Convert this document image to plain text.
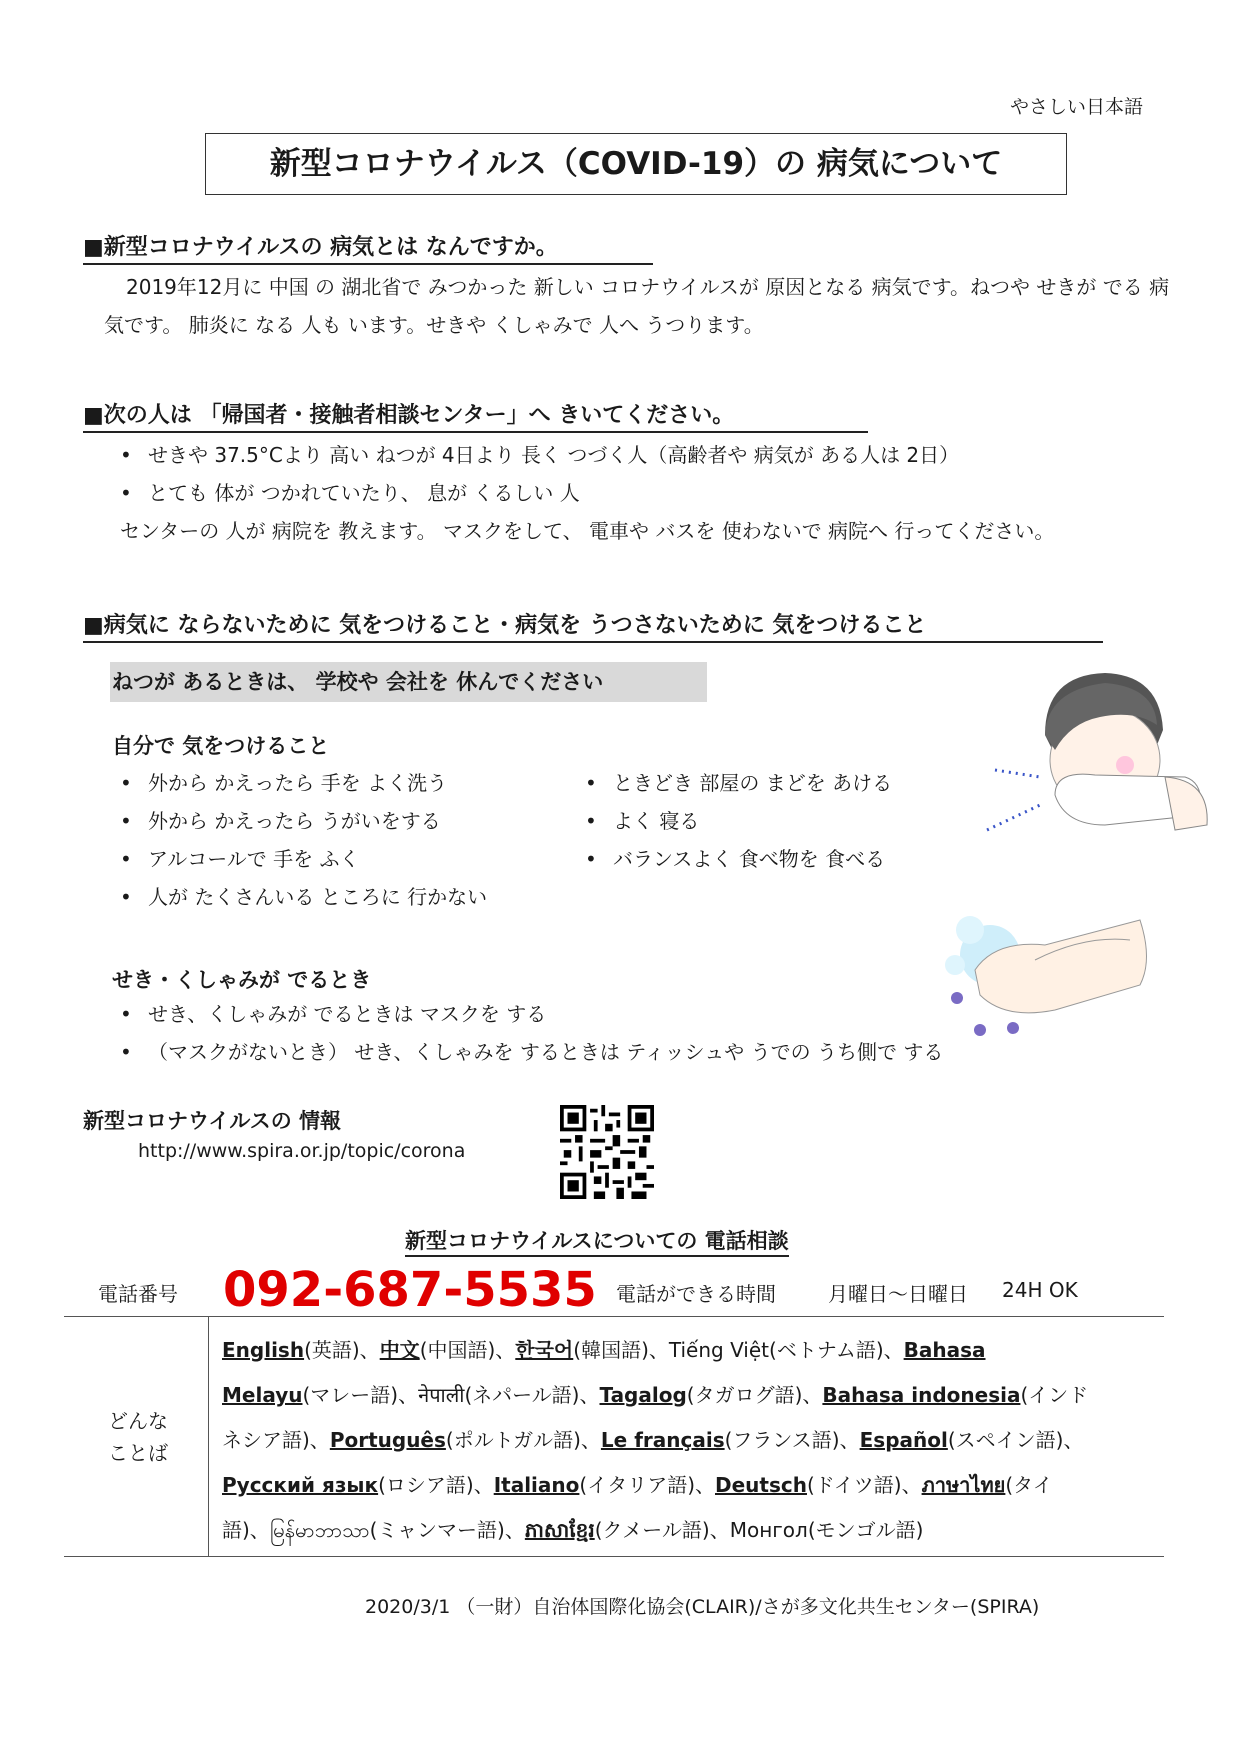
やさしい日本語
新型コロナウイルス（COVID-19）の 病気について
■新型コロナウイルスの 病気とは なんですか。
2019年12月に 中国 の 湖北省で みつかった 新しい コロナウイルスが 原因となる 病気です。ねつや せきが でる 病気です。 肺炎に なる 人も います。せきや くしゃみで 人へ うつります。
■次の人は 「帰国者・接触者相談センター」へ きいてください。
• せきや 37.5°Cより 高い ねつが 4日より 長く つづく人（高齢者や 病気が ある人は 2日）
• とても 体が つかれていたり、 息が くるしい 人
センターの 人が 病院を 教えます。 マスクをして、 電車や バスを 使わないで 病院へ 行ってください。
■病気に ならないために 気をつけること・病気を うつさないために 気をつけること
ねつが あるときは、 学校や 会社を 休んでください
自分で 気をつけること
• 外から かえったら 手を よく洗う
• 外から かえったら うがいをする
• アルコールで 手を ふく
• 人が たくさんいる ところに 行かない
• ときどき 部屋の まどを あける
• よく 寝る
• バランスよく 食べ物を 食べる
せき・くしゃみが でるとき
• せき、くしゃみが でるときは マスクを する
• （マスクがないとき） せき、くしゃみを するときは ティッシュや うでの うち側で する
新型コロナウイルスの 情報
http://www.spira.or.jp/topic/corona
新型コロナウイルスについての 電話相談
電話番号 092-687-5535 電話ができる時間	月曜日～日曜日 24H OK
どんな
ことば
English(英語)、中文(中国語)、한국어(韓国語)、Tiếng Việt(ベトナム語)、Bahasa Melayu(マレー語)、नेपाली(ネパール語)、Tagalog(タガログ語)、Bahasa indonesia(インドネシア語)、Português(ポルトガル語)、Le français(フランス語)、Español(スペイン語)、Русский язык(ロシア語)、Italiano(イタリア語)、Deutsch(ドイツ語)、ภาษาไทย(タイ語)、မြန်မာဘာသာ(ミャンマー語)、ភាសាខ្មែរ(クメール語)、Монгол(モンゴル語)
2020/3/1 （一財）自治体国際化協会(CLAIR)/さが多文化共生センター(SPIRA)
